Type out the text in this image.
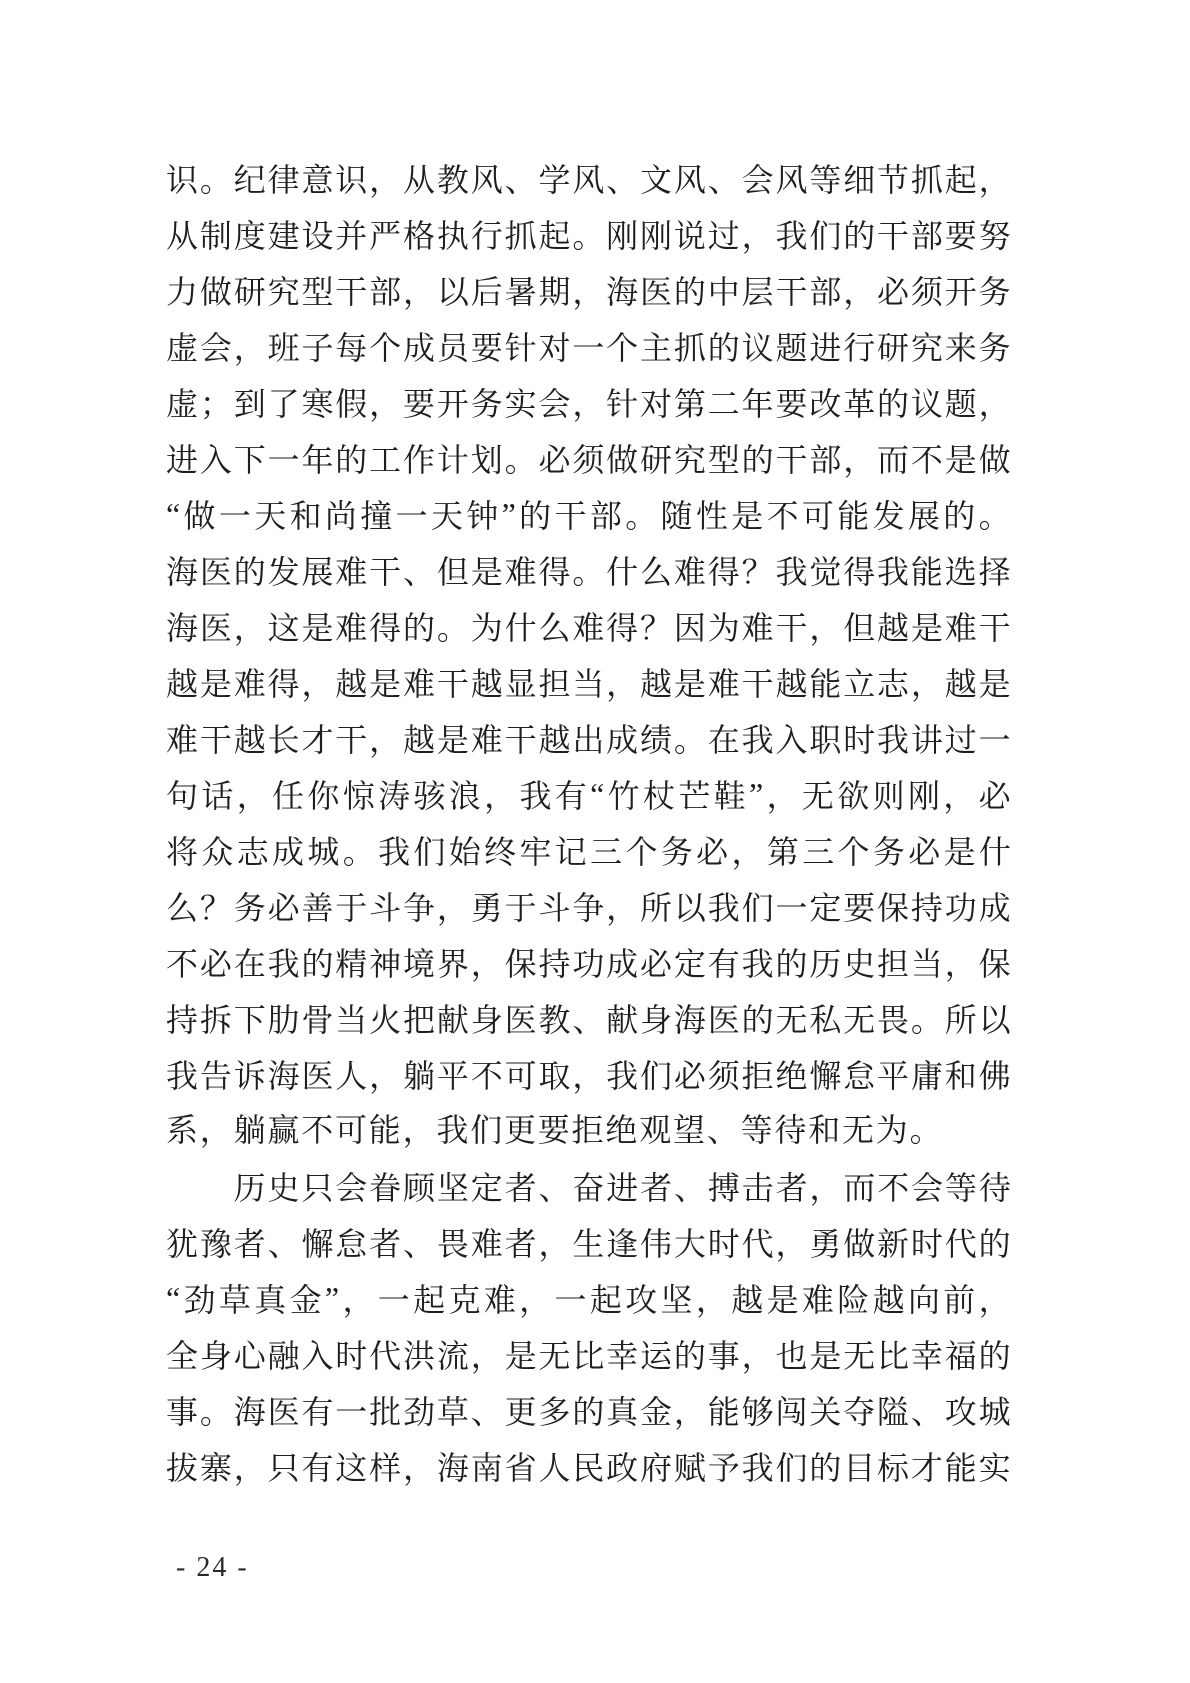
识 。 纪 律 意 识 ， 从 教 风 、 学 风 、 文 风 、 会 风 等 细 节 抓 起 ，
从 制 度 建 设 并 严 格 执 行 抓 起 。 刚 刚 说 过 ， 我 们 的 干 部 要 努
力 做 研 究 型 干 部 ， 以 后 暑 期 ， 海 医 的 中 层 干 部 ， 必 须 开 务
虚 会 ， 班 子 每 个 成 员 要 针 对 一 个 主 抓 的 议 题 进 行 研 究 来 务
虚 ； 到 了 寒 假 ， 要 开 务 实 会 ， 针 对 第 二 年 要 改 革 的 议 题 ，
进 入 下 一 年 的 工 作 计 划 。 必 须 做 研 究 型 的 干 部 ， 而 不 是 做
“ 做 一 天 和 尚 撞 一 天 钟 ” 的 干 部 。 随 性 是 不 可 能 发 展 的 。
海 医 的 发 展 难 干 、 但 是 难 得 。 什 么 难 得 ？ 我 觉 得 我 能 选 择
海 医 ， 这 是 难 得 的 。 为 什 么 难 得 ？ 因 为 难 干 ， 但 越 是 难 干
越 是 难 得 ， 越 是 难 干 越 显 担 当 ， 越 是 难 干 越 能 立 志 ， 越 是
难 干 越 长 才 干 ， 越 是 难 干 越 出 成 绩 。 在 我 入 职 时 我 讲 过 一
句 话 ， 任 你 惊 涛 骇 浪 ， 我 有 “ 竹 杖 芒 鞋 ” ， 无 欲 则 刚 ， 必
将 众 志 成 城 。 我 们 始 终 牢 记 三 个 务 必 ， 第 三 个 务 必 是 什
么 ？ 务 必 善 于 斗 争 ， 勇 于 斗 争 ， 所 以 我 们 一 定 要 保 持 功 成
不 必 在 我 的 精 神 境 界 ， 保 持 功 成 必 定 有 我 的 历 史 担 当 ， 保
持 拆 下 肋 骨 当 火 把 献 身 医 教 、 献 身 海 医 的 无 私 无 畏 。 所 以
我 告 诉 海 医 人 ， 躺 平 不 可 取 ， 我 们 必 须 拒 绝 懈 怠 平 庸 和 佛
系，躺赢不可能，我们更要拒绝观望、等待和无为。
历 史 只 会 眷 顾 坚 定 者 、 奋 进 者 、 搏 击 者 ， 而 不 会 等 待
犹 豫 者 、 懈 怠 者 、 畏 难 者 ， 生 逢 伟 大 时 代 ， 勇 做 新 时 代 的
“ 劲 草 真 金 ” ， 一 起 克 难 ， 一 起 攻 坚 ， 越 是 难 险 越 向 前 ，
全 身 心 融 入 时 代 洪 流 ， 是 无 比 幸 运 的 事 ， 也 是 无 比 幸 福 的
事 。 海 医 有 一 批 劲 草 、 更 多 的 真 金 ， 能 够 闯 关 夺 隘 、 攻 城
拔 寨 ， 只 有 这 样 ， 海 南 省 人 民 政 府 赋 予 我 们 的 目 标 才 能 实
- 24 -
